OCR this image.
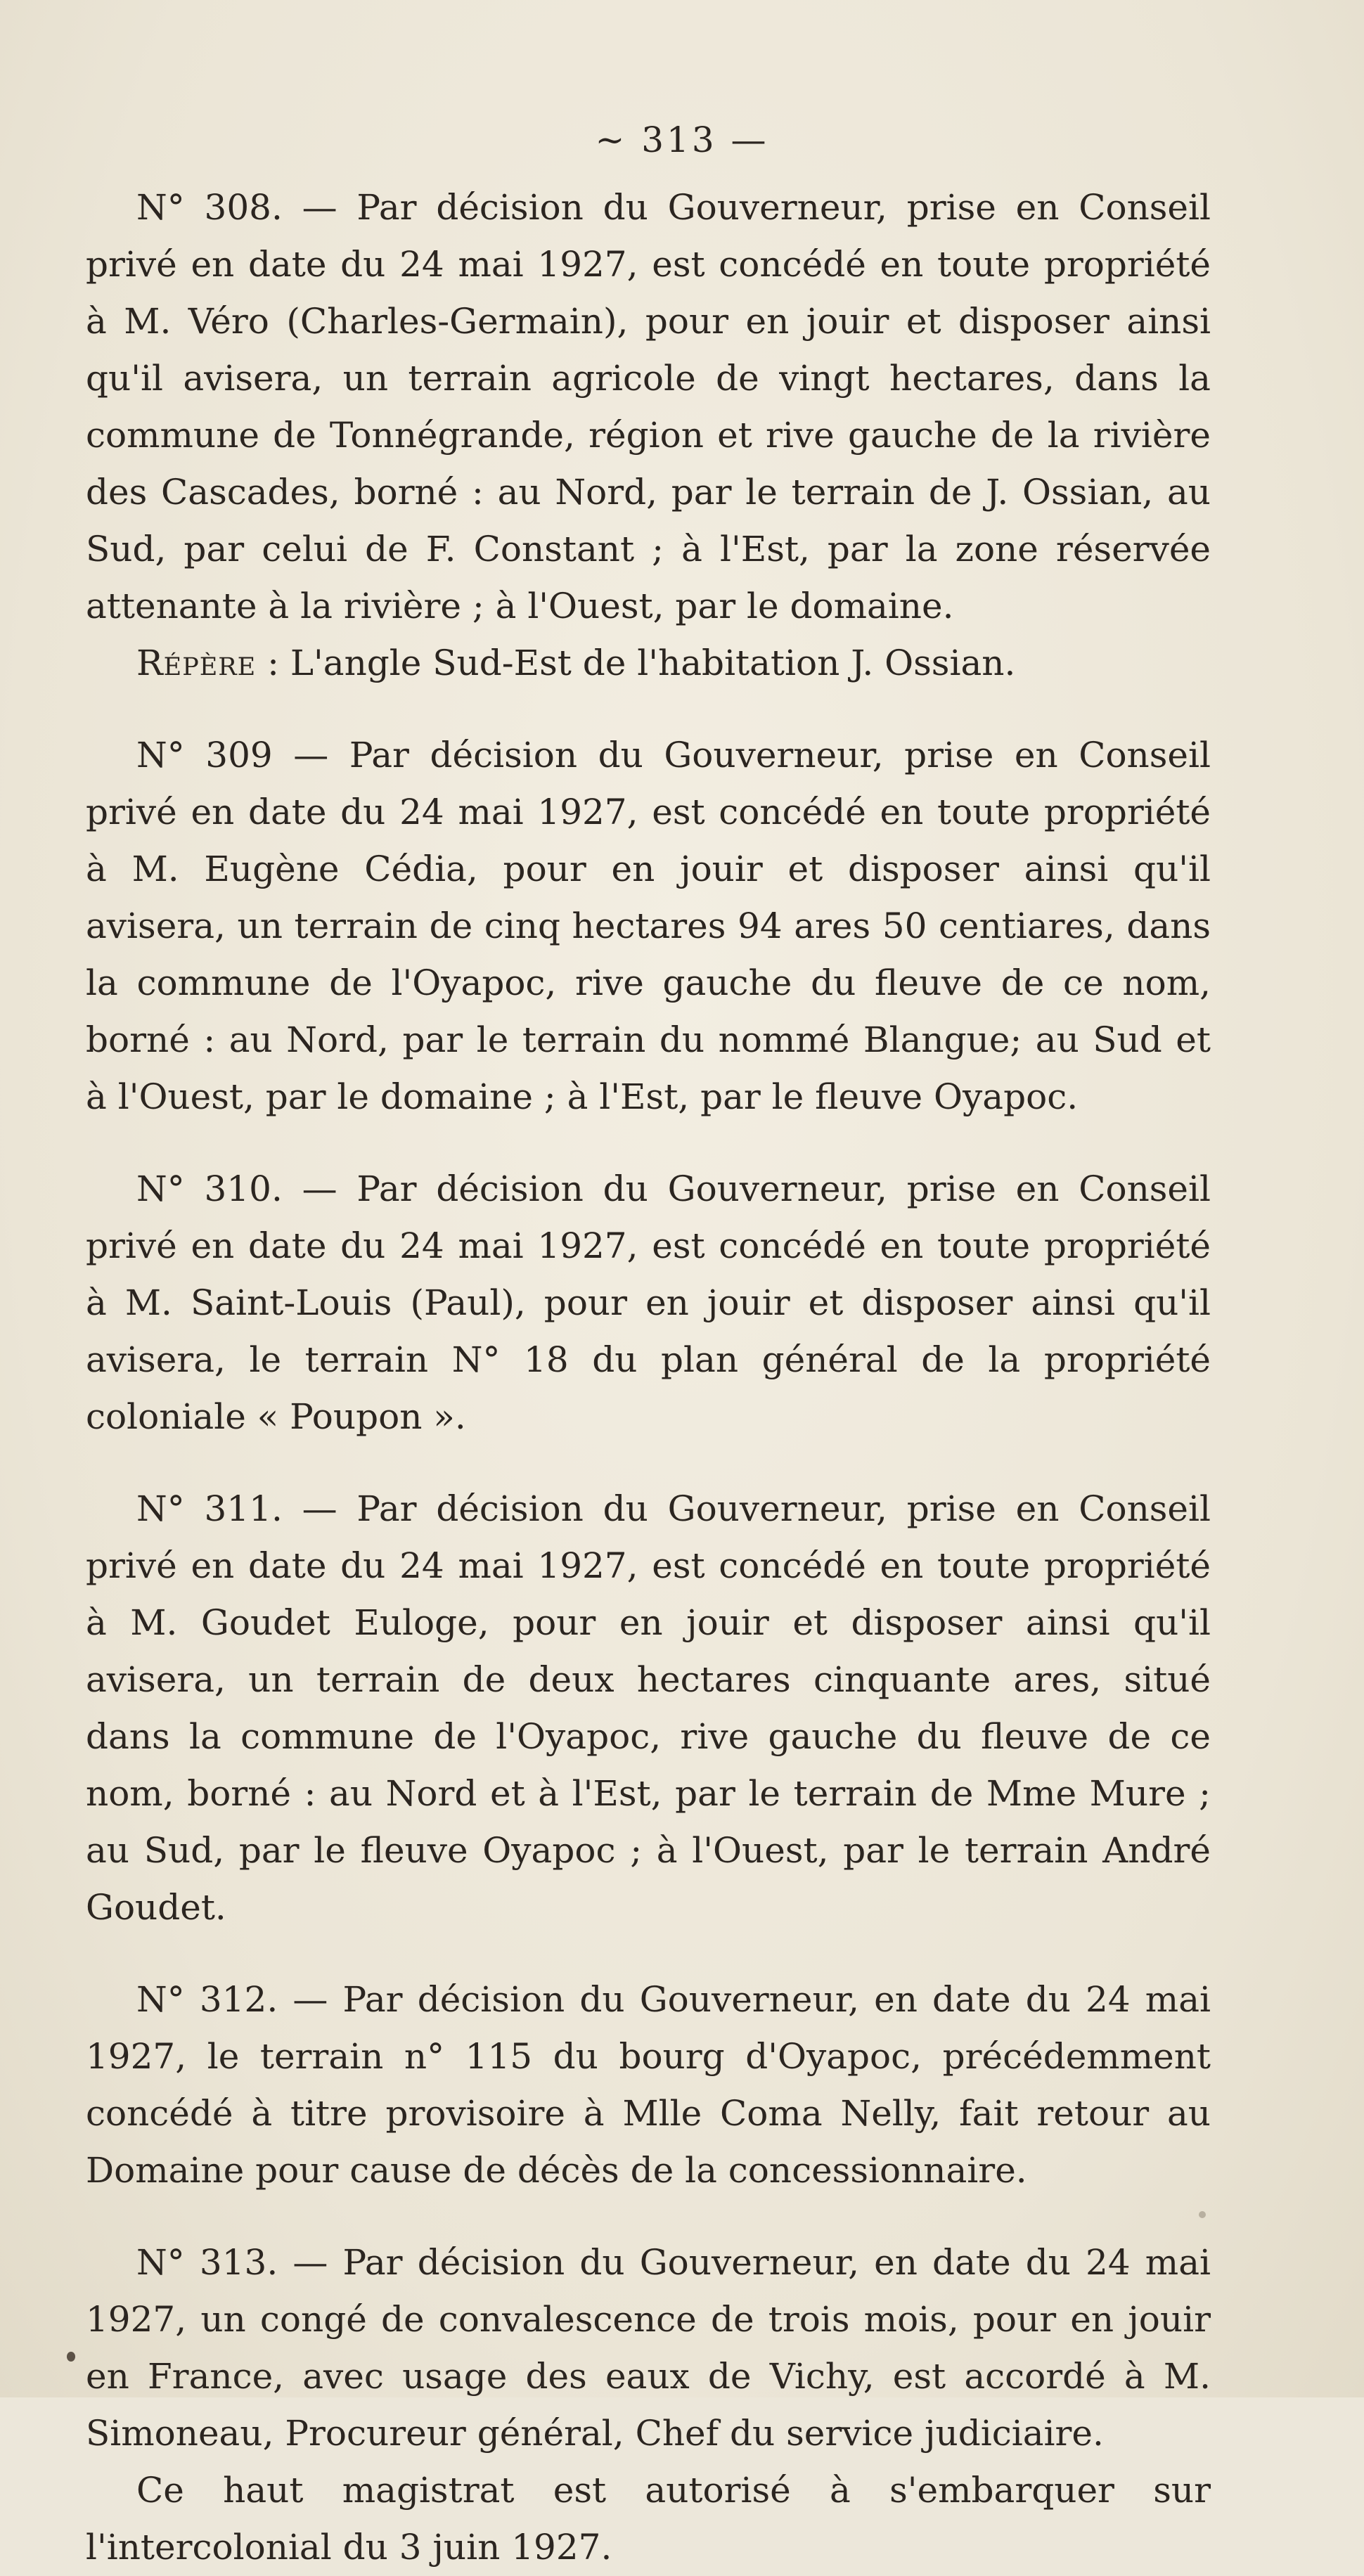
~ 313 —

N° 308. — Par décision du Gouverneur, prise en Conseil privé en date du 24 mai 1927, est concédé en toute propriété à M. Véro (Charles-Germain), pour en jouir et disposer ainsi qu'il avisera, un terrain agricole de vingt hectares, dans la commune de Tonnégrande, région et rive gauche de la rivière des Cascades, borné : au Nord, par le terrain de J. Ossian, au Sud, par celui de F. Constant ; à l'Est, par la zone réservée attenante à la rivière ; à l'Ouest, par le domaine.

Répère : L'angle Sud-Est de l'habitation J. Ossian.

N° 309 — Par décision du Gouverneur, prise en Conseil privé en date du 24 mai 1927, est concédé en toute propriété à M. Eugène Cédia, pour en jouir et disposer ainsi qu'il avisera, un terrain de cinq hectares 94 ares 50 centiares, dans la commune de l'Oyapoc, rive gauche du fleuve de ce nom, borné : au Nord, par le terrain du nommé Blangue; au Sud et à l'Ouest, par le domaine ; à l'Est, par le fleuve Oyapoc.

N° 310. — Par décision du Gouverneur, prise en Conseil privé en date du 24 mai 1927, est concédé en toute propriété à M. Saint-Louis (Paul), pour en jouir et disposer ainsi qu'il avisera, le terrain N° 18 du plan général de la propriété coloniale « Poupon ».

N° 311. — Par décision du Gouverneur, prise en Conseil privé en date du 24 mai 1927, est concédé en toute propriété à M. Goudet Euloge, pour en jouir et disposer ainsi qu'il avisera, un terrain de deux hectares cinquante ares, situé dans la commune de l'Oyapoc, rive gauche du fleuve de ce nom, borné : au Nord et à l'Est, par le terrain de Mme Mure ; au Sud, par le fleuve Oyapoc ; à l'Ouest, par le terrain André Goudet.

N° 312. — Par décision du Gouverneur, en date du 24 mai 1927, le terrain n° 115 du bourg d'Oyapoc, précédemment concédé à titre provisoire à Mlle Coma Nelly, fait retour au Domaine pour cause de décès de la concessionnaire.

N° 313. — Par décision du Gouverneur, en date du 24 mai 1927, un congé de convalescence de trois mois, pour en jouir en France, avec usage des eaux de Vichy, est accordé à M. Simoneau, Procureur général, Chef du service judiciaire.

Ce haut magistrat est autorisé à s'embarquer sur l'intercolonial du 3 juin 1927.
